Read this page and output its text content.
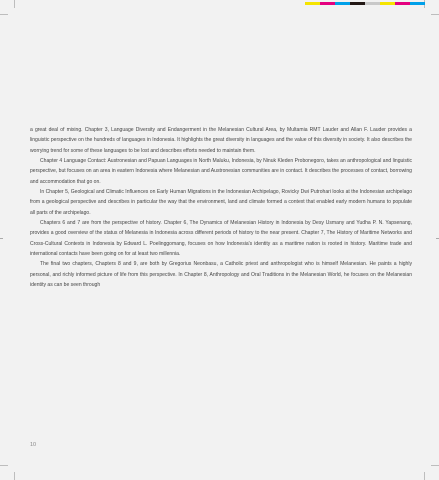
a great deal of mixing. Chapter 3, Language Diversity and Endangerment in the Melanesian Cultural Area, by Multamia RMT Lauder and Allan F. Lauder provides a linguistic perspective on the hundreds of languages in Indonesia. It highlights the great diversity in languages and the value of this diversity in society. It also describes the worrying trend for some of these languages to be lost and describes efforts needed to maintain them.

Chapter 4 Language Contact: Austronesian and Papuan Languages in North Maluku, Indonesia, by Ninuk Kleden Probonegoro, takes an anthropological and linguistic perspective, but focuses on an area in eastern Indonesia where Melanesian and Austronesian communities are in contact. It describes the processes of contact, borrowing and accommodation that go on.

In Chapter 5, Geological and Climatic Influences on Early Human Migrations in the Indonesian Archipelago, Rovicky Dwi Putrohari looks at the Indonesian archipelago from a geological perspective and describes in particular the way that the environment, land and climate formed a context that enabled early modern humans to populate all parts of the archipelago.

Chapters 6 and 7 are from the perspective of history. Chapter 6, The Dynamics of Melanesian History in Indonesia by Desy Usmany and Yudha P. N. Yapsenang, provides a good overview of the status of Melanesia in Indonesia across different periods of history to the near present. Chapter 7, The History of Maritime Networks and Cross-Cultural Contexts in Indonesia by Edward L. Poelinggomang, focuses on how Indonesia's identity as a maritime nation is rooted in history. Maritime trade and international contacts have been going on for at least two millennia.

The final two chapters, Chapters 8 and 9, are both by Gregorius Neonbasu, a Catholic priest and anthropologist who is himself Melanesian. He paints a highly personal, and richly informed picture of life from this perspective. In Chapter 8, Anthropology and Oral Traditions in the Melanesian World, he focuses on the Melanesian identity as can be seen through

10
